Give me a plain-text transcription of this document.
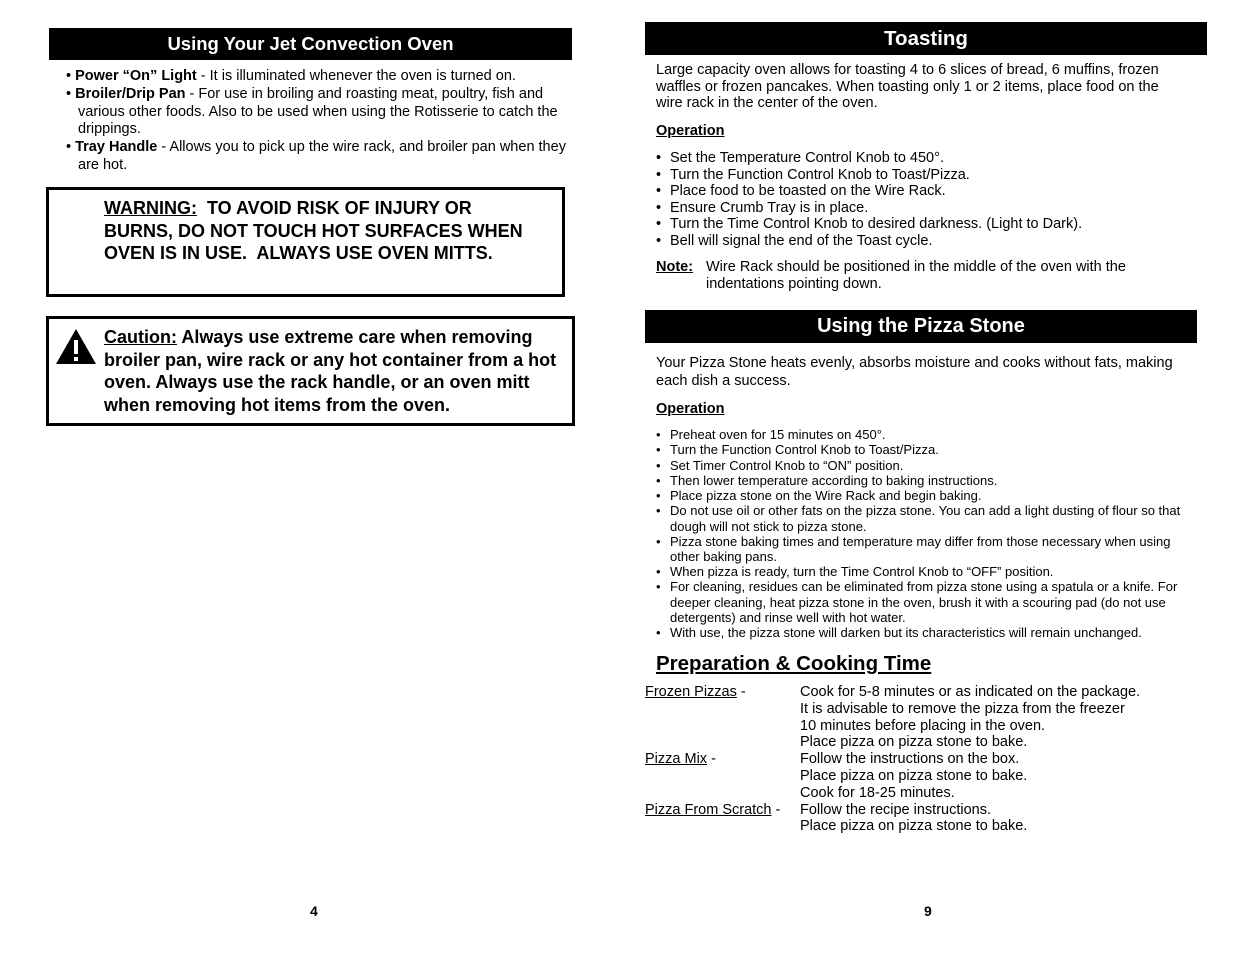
Using Your Jet Convection Oven
• Power “On” Light - It is illuminated whenever the oven is turned on.
• Broiler/Drip Pan - For use in broiling and roasting meat, poultry, fish and various other foods. Also to be used when using the Rotisserie to catch the drippings.
• Tray Handle - Allows you to pick up the wire rack, and broiler pan when they are hot.
WARNING:  TO AVOID RISK OF INJURY OR BURNS, DO NOT TOUCH HOT SURFACES WHEN OVEN IS IN USE.  ALWAYS USE OVEN MITTS.
Caution: Always use extreme care when removing broiler pan, wire rack or any hot container from a hot oven. Always use the rack handle, or an oven mitt when removing hot items from the oven.
4
Toasting
Large capacity oven allows for toasting 4 to 6 slices of bread, 6 muffins, frozen waffles or frozen pancakes. When toasting only 1 or 2 items, place food on the wire rack in the center of the oven.
Operation
• Set the Temperature Control Knob to 450°.
• Turn the Function Control Knob to Toast/Pizza.
• Place food to be toasted on the Wire Rack.
• Ensure Crumb Tray is in place.
• Turn the Time Control Knob to desired darkness. (Light to Dark).
• Bell will signal the end of the Toast cycle.
Note: Wire Rack should be positioned in the middle of the oven with the indentations pointing down.
Using the Pizza Stone
Your Pizza Stone heats evenly, absorbs moisture and cooks without fats, making each dish a success.
Operation
• Preheat oven for 15 minutes on 450°.
• Turn the Function Control Knob to Toast/Pizza.
• Set Timer Control Knob to “ON” position.
• Then lower temperature according to baking instructions.
• Place pizza stone on the Wire Rack and begin baking.
• Do not use oil or other fats on the pizza stone. You can add a light dusting of flour so that dough will not stick to pizza stone.
• Pizza stone baking times and temperature may differ from those necessary when using other baking pans.
• When pizza is ready, turn the Time Control Knob to “OFF” position.
• For cleaning, residues can be eliminated from pizza stone using a spatula or a knife. For deeper cleaning, heat pizza stone in the oven, brush it with a scouring pad (do not use detergents) and rinse well with hot water.
• With use, the pizza stone will darken but its characteristics will remain unchanged.
Preparation & Cooking Time
Frozen Pizzas -	Cook for 5-8 minutes or as indicated on the package.
It is advisable to remove the pizza from the freezer
10 minutes before placing in the oven.
Place pizza on pizza stone to bake.
Pizza Mix -	Follow the instructions on the box.
Place pizza on pizza stone to bake.
Cook for 18-25 minutes.
Pizza From Scratch - Follow the recipe instructions.
Place pizza on pizza stone to bake.
9
